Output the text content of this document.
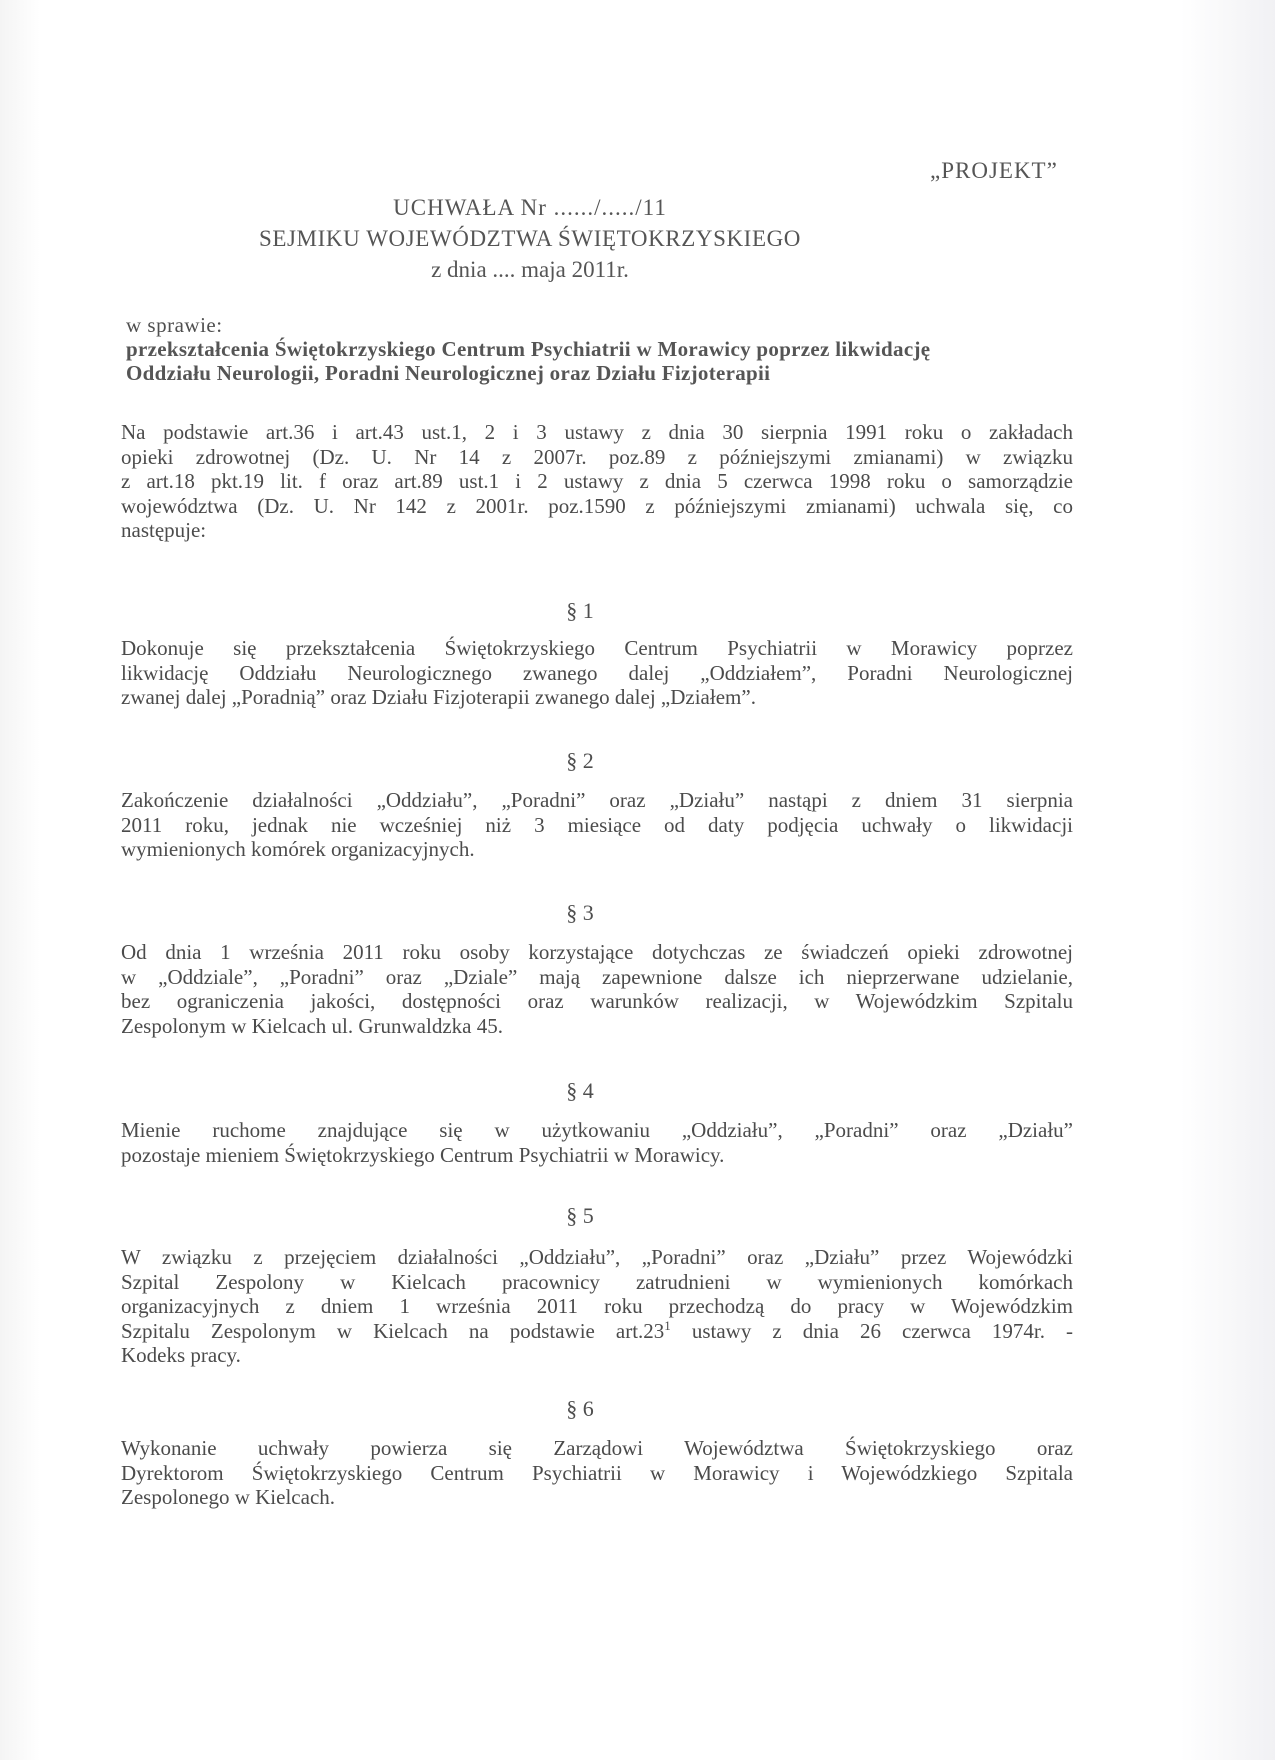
„PROJEKT”
UCHWAŁA Nr ....../...../11
SEJMIKU WOJEWÓDZTWA ŚWIĘTOKRZYSKIEGO
z dnia .... maja 2011r.
w sprawie:
przekształcenia Świętokrzyskiego Centrum Psychiatrii w Morawicy poprzez likwidację
Oddziału Neurologii, Poradni Neurologicznej oraz Działu Fizjoterapii
Na podstawie art.36 i art.43 ust.1, 2 i 3 ustawy z dnia 30 sierpnia 1991 roku o zakładach
opieki zdrowotnej (Dz. U. Nr 14 z 2007r. poz.89 z późniejszymi zmianami) w związku
z art.18 pkt.19 lit. f oraz art.89 ust.1 i 2 ustawy z dnia 5 czerwca 1998 roku o samorządzie
województwa (Dz. U. Nr 142 z 2001r. poz.1590 z późniejszymi zmianami) uchwala się, co
następuje:
§ 1
Dokonuje się przekształcenia Świętokrzyskiego Centrum Psychiatrii w Morawicy poprzez
likwidację Oddziału Neurologicznego zwanego dalej „Oddziałem”, Poradni Neurologicznej
zwanej dalej „Poradnią” oraz Działu Fizjoterapii zwanego dalej „Działem”.
§ 2
Zakończenie działalności „Oddziału”, „Poradni” oraz „Działu” nastąpi z dniem 31 sierpnia
2011 roku, jednak nie wcześniej niż 3 miesiące od daty podjęcia uchwały o likwidacji
wymienionych komórek organizacyjnych.
§ 3
Od dnia 1 września 2011 roku osoby korzystające dotychczas ze świadczeń opieki zdrowotnej
w „Oddziale”, „Poradni” oraz „Dziale” mają zapewnione dalsze ich nieprzerwane udzielanie,
bez ograniczenia jakości, dostępności oraz warunków realizacji, w Wojewódzkim Szpitalu
Zespolonym w Kielcach ul. Grunwaldzka 45.
§ 4
Mienie ruchome znajdujące się w użytkowaniu „Oddziału”, „Poradni” oraz „Działu”
pozostaje mieniem Świętokrzyskiego Centrum Psychiatrii w Morawicy.
§ 5
W związku z przejęciem działalności „Oddziału”, „Poradni” oraz „Działu” przez Wojewódzki
Szpital Zespolony w Kielcach pracownicy zatrudnieni w wymienionych komórkach
organizacyjnych z dniem 1 września 2011 roku przechodzą do pracy w Wojewódzkim
Szpitalu Zespolonym w Kielcach na podstawie $art.23^1$ ustawy z dnia 26 czerwca 1974r. -
Kodeks pracy.
§ 6
Wykonanie uchwały powierza się Zarządowi Województwa Świętokrzyskiego oraz
Dyrektorom Świętokrzyskiego Centrum Psychiatrii w Morawicy i Wojewódzkiego Szpitala
Zespolonego w Kielcach.
